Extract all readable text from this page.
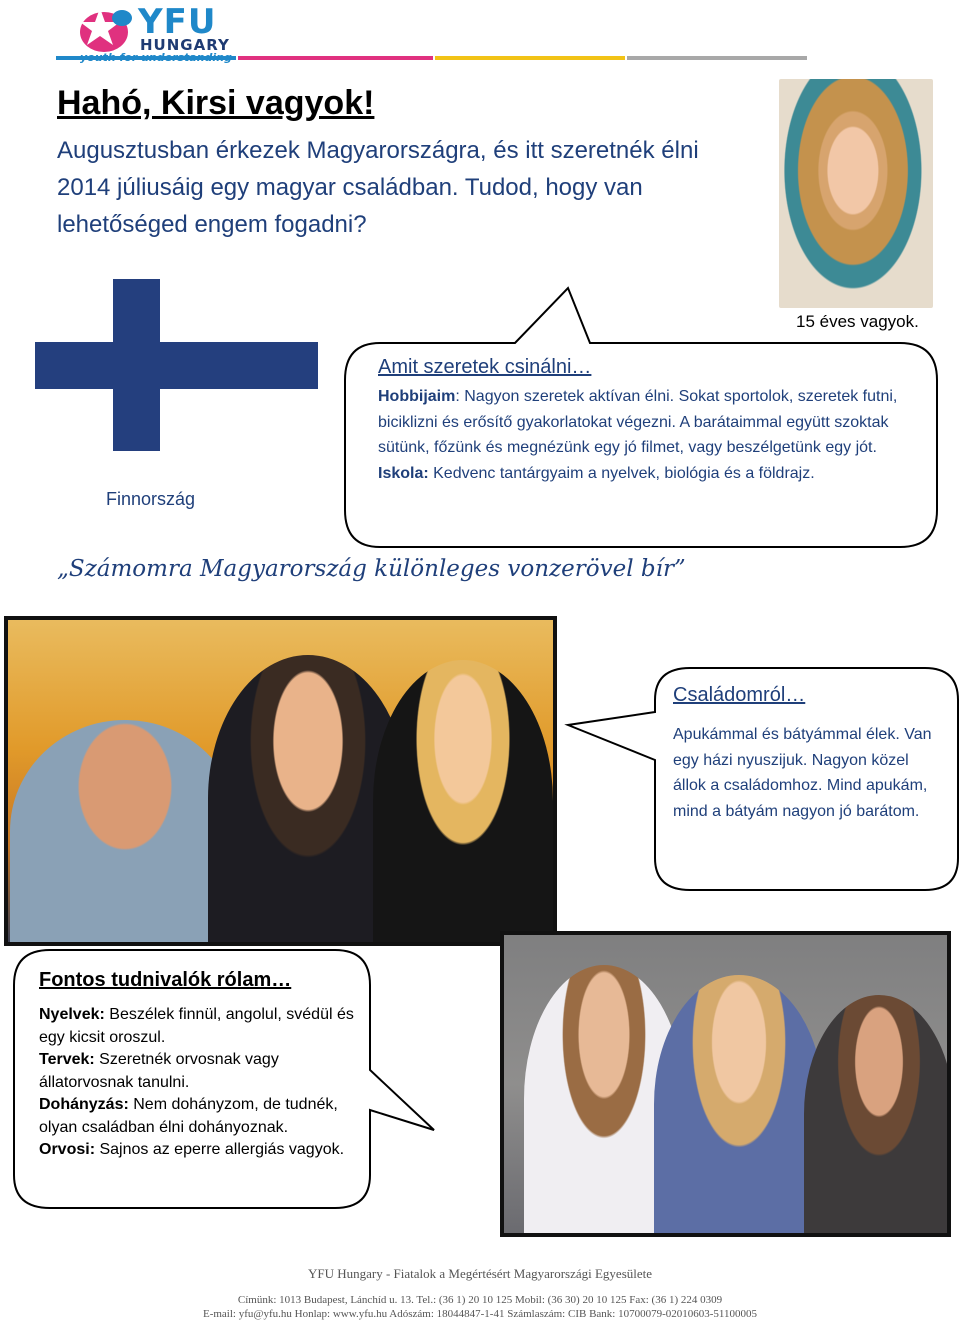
YFU
HUNGARY
Hahó, Kirsi vagyok!
Augusztusban érkezek Magyarországra, és itt szeretnék élni 2014 júliusáig egy magyar családban. Tudod, hogy van lehetőséged engem fogadni?
15 éves vagyok.
Finnország
Amit szeretek csinálni…
Hobbijaim: Nagyon szeretek aktívan élni. Sokat sportolok, szeretek futni, biciklizni és erősítő gyakorlatokat végezni. A barátaimmal együtt szoktak sütünk, főzünk és megnézünk egy jó filmet, vagy beszélgetünk egy jót.
Iskola: Kedvenc tantárgyaim a nyelvek, biológia és a földrajz.
„Számomra Magyarország különleges vonzerövel bír”
Családomról…
Apukámmal és bátyámmal élek. Van egy házi nyuszijuk. Nagyon közel állok a családomhoz. Mind apukám, mind a bátyám nagyon jó barátom.
Fontos tudnivalók rólam…
Nyelvek: Beszélek finnül, angolul, svédül és egy kicsit oroszul.
Tervek: Szeretnék orvosnak vagy állatorvosnak tanulni.
Dohányzás: Nem dohányzom, de tudnék, olyan családban élni dohányoznak.
Orvosi: Sajnos az eperre allergiás vagyok.
YFU Hungary - Fiatalok a Megértésért Magyarországi Egyesülete
Címünk: 1013 Budapest, Lánchíd u. 13. Tel.: (36 1) 20 10 125 Mobil: (36 30) 20 10 125 Fax: (36 1) 224 0309
E-mail: yfu@yfu.hu Honlap: www.yfu.hu Adószám: 18044847-1-41 Számlaszám: CIB Bank: 10700079-02010603-51100005
